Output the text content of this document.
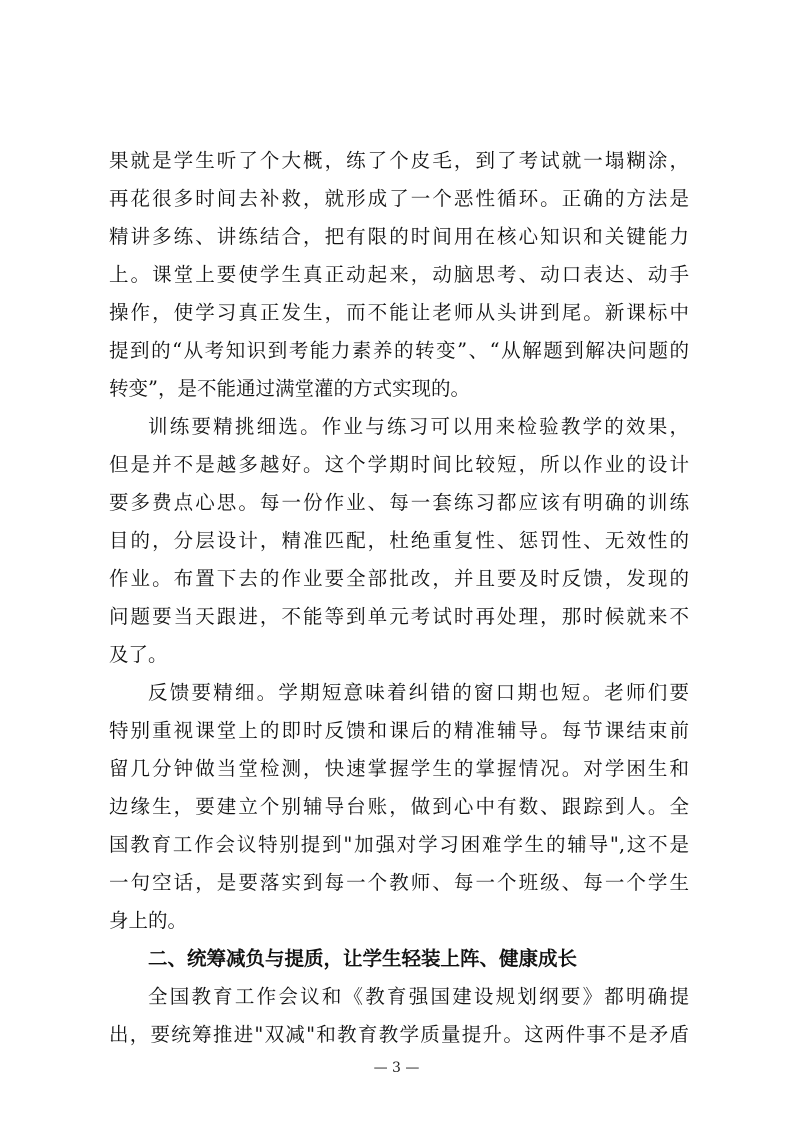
果就是学生听了个大概，练了个皮毛，到了考试就一塌糊涂，
再花很多时间去补救，就形成了一个恶性循环。正确的方法是
精讲多练、讲练结合，把有限的时间用在核心知识和关键能力
上。课堂上要使学生真正动起来，动脑思考、动口表达、动手
操作，使学习真正发生，而不能让老师从头讲到尾。新课标中
提到的“从考知识到考能力素养的转变”、“从解题到解决问题的
转变”，是不能通过满堂灌的方式实现的。
训练要精挑细选。作业与练习可以用来检验教学的效果，
但是并不是越多越好。这个学期时间比较短，所以作业的设计
要多费点心思。每一份作业、每一套练习都应该有明确的训练
目的，分层设计，精准匹配，杜绝重复性、惩罚性、无效性的
作业。布置下去的作业要全部批改，并且要及时反馈，发现的
问题要当天跟进，不能等到单元考试时再处理，那时候就来不
及了。
反馈要精细。学期短意味着纠错的窗口期也短。老师们要
特别重视课堂上的即时反馈和课后的精准辅导。每节课结束前
留几分钟做当堂检测，快速掌握学生的掌握情况。对学困生和
边缘生，要建立个别辅导台账，做到心中有数、跟踪到人。全
国教育工作会议特别提到"加强对学习困难学生的辅导",这不是
一句空话，是要落实到每一个教师、每一个班级、每一个学生
身上的。
二、统筹减负与提质，让学生轻装上阵、健康成长
全国教育工作会议和《教育强国建设规划纲要》都明确提
出，要统筹推进"双减"和教育教学质量提升。这两件事不是矛盾
— 3 —
